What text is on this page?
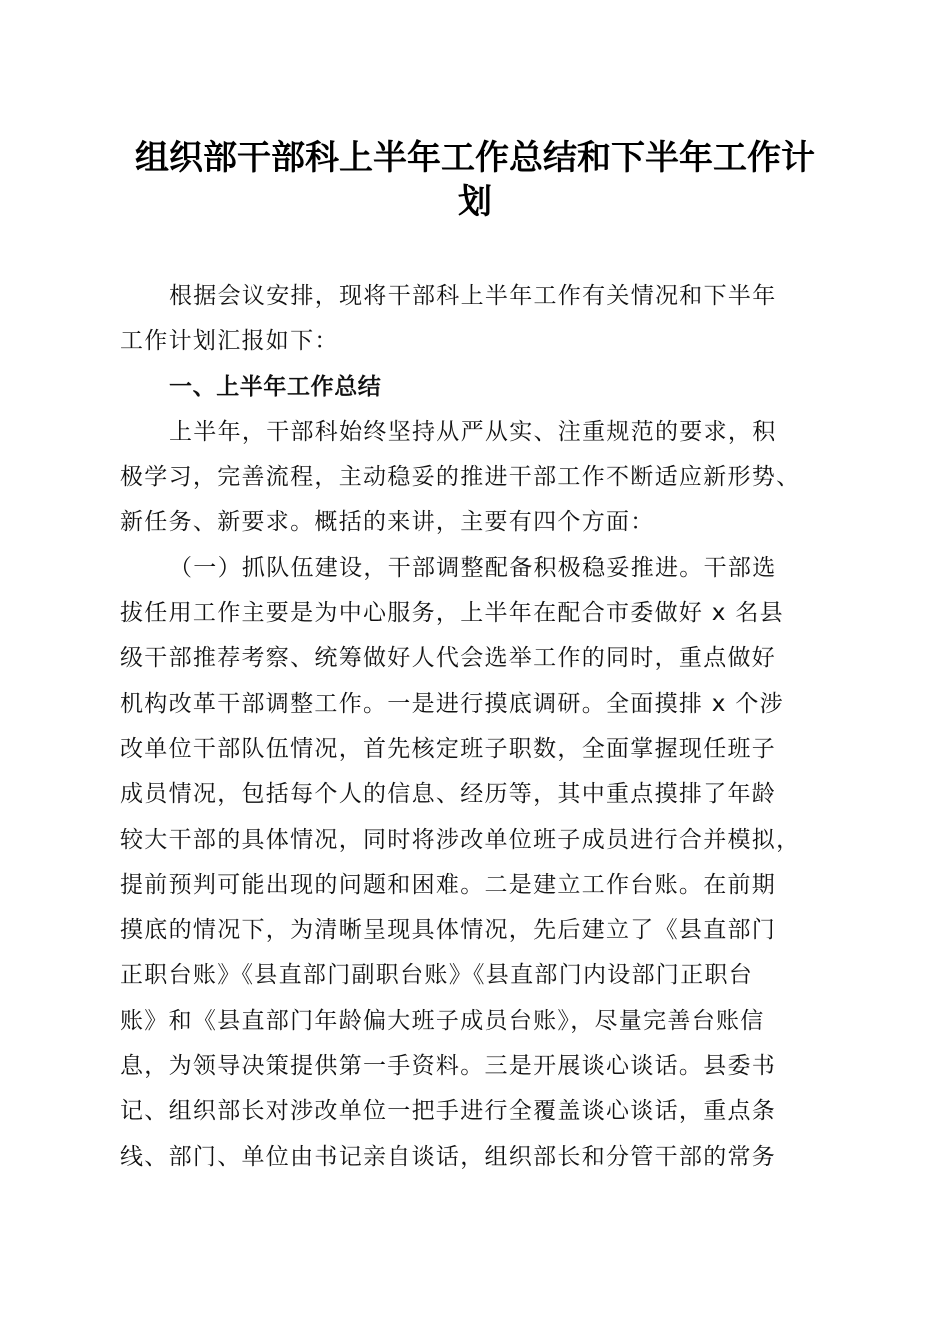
组织部干部科上半年工作总结和下半年工作计
划
根据会议安排，现将干部科上半年工作有关情况和下半年
工作计划汇报如下：
一、上半年工作总结
上半年，干部科始终坚持从严从实、注重规范的要求，积
极学习，完善流程，主动稳妥的推进干部工作不断适应新形势、
新任务、新要求。概括的来讲，主要有四个方面：
（一）抓队伍建设，干部调整配备积极稳妥推进。干部选
拔任用工作主要是为中心服务，上半年在配合市委做好 x 名县
级干部推荐考察、统筹做好人代会选举工作的同时，重点做好
机构改革干部调整工作。一是进行摸底调研。全面摸排 x 个涉
改单位干部队伍情况，首先核定班子职数，全面掌握现任班子
成员情况，包括每个人的信息、经历等，其中重点摸排了年龄
较大干部的具体情况，同时将涉改单位班子成员进行合并模拟，
提前预判可能出现的问题和困难。二是建立工作台账。在前期
摸底的情况下，为清晰呈现具体情况，先后建立了《县直部门
正职台账》《县直部门副职台账》《县直部门内设部门正职台
账》和《县直部门年龄偏大班子成员台账》，尽量完善台账信
息，为领导决策提供第一手资料。三是开展谈心谈话。县委书
记、组织部长对涉改单位一把手进行全覆盖谈心谈话，重点条
线、部门、单位由书记亲自谈话，组织部长和分管干部的常务
